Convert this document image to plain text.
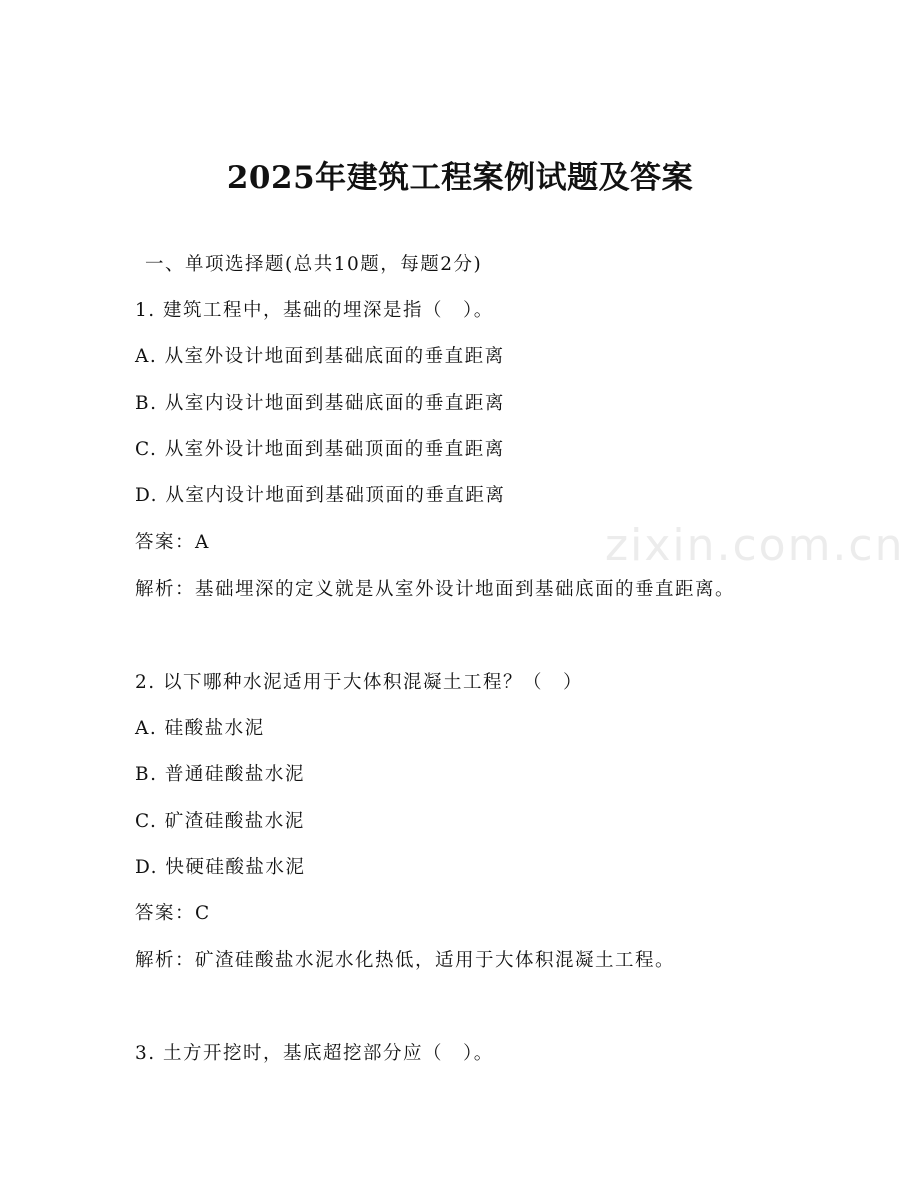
zixin.com.cn
2025年建筑工程案例试题及答案
一、单项选择题(总共10题，每题2分)
1. 建筑工程中，基础的埋深是指（　）。
A. 从室外设计地面到基础底面的垂直距离
B. 从室内设计地面到基础底面的垂直距离
C. 从室外设计地面到基础顶面的垂直距离
D. 从室内设计地面到基础顶面的垂直距离
答案：A
解析：基础埋深的定义就是从室外设计地面到基础底面的垂直距离。
2. 以下哪种水泥适用于大体积混凝土工程？（　）
A. 硅酸盐水泥
B. 普通硅酸盐水泥
C. 矿渣硅酸盐水泥
D. 快硬硅酸盐水泥
答案：C
解析：矿渣硅酸盐水泥水化热低，适用于大体积混凝土工程。
3. 土方开挖时，基底超挖部分应（　）。
